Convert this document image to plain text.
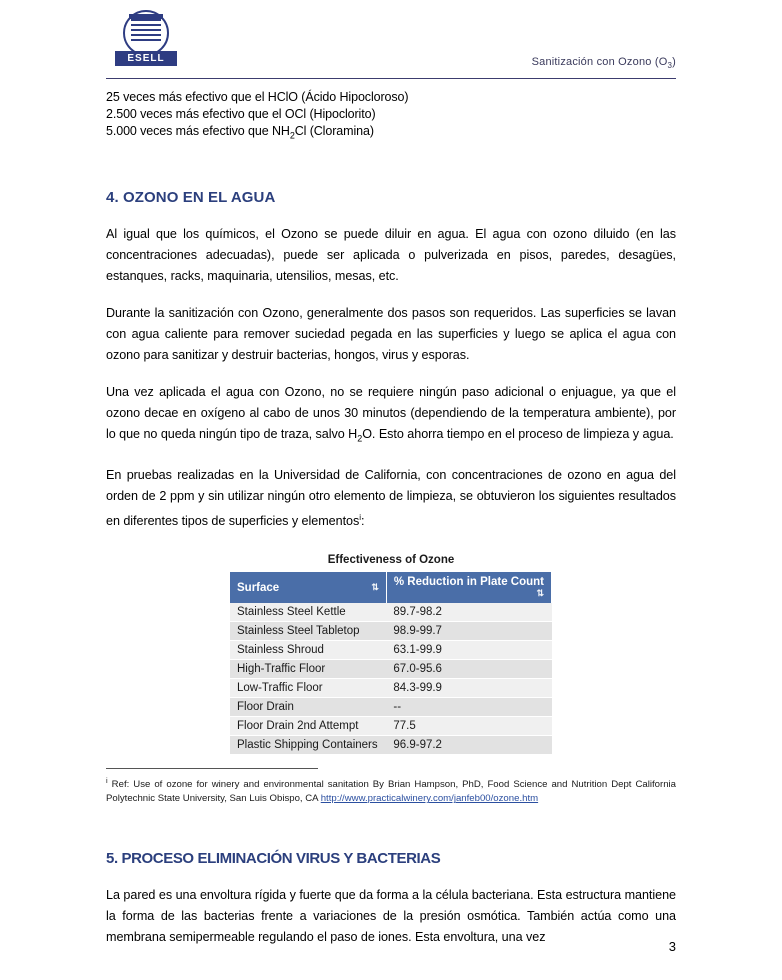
ESELL	Sanitización con Ozono $(O_3)$
25 veces más efectivo que el HClO (Ácido Hipocloroso)
2.500 veces más efectivo que el OCl (Hipoclorito)
5.000 veces más efectivo que $NH_2Cl$ (Cloramina)
4. OZONO EN EL AGUA

Al igual que los químicos, el Ozono se puede diluir en agua. El agua con ozono diluido (en las concentraciones adecuadas), puede ser aplicada o pulverizada en pisos, paredes, desagües, estanques, racks, maquinaria, utensilios, mesas, etc.

Durante la sanitización con Ozono, generalmente dos pasos son requeridos. Las superficies se lavan con agua caliente para remover suciedad pegada en las superficies y luego se aplica el agua con ozono para sanitizar y destruir bacterias, hongos, virus y esporas.

Una vez aplicada el agua con Ozono, no se requiere ningún paso adicional o enjuague, ya que el ozono decae en oxígeno al cabo de unos 30 minutos (dependiendo de la temperatura ambiente), por lo que no queda ningún tipo de traza, salvo $H_2O$. Esto ahorra tiempo en el proceso de limpieza y agua.

En pruebas realizadas en la Universidad de California, con concentraciones de ozono en agua del orden de 2 ppm y sin utilizar ningún otro elemento de limpieza, se obtuvieron los siguientes resultados en diferentes tipos de superficies y elementos$^i$:

Effectiveness of Ozone
Surface ⇅	% Reduction in Plate Count
⇅

Stainless Steel Kettle	89.7-98.2
Stainless Steel Tabletop	98.9-99.7
Stainless Shroud	63.1-99.9
High-Traffic Floor	67.0-95.6
Low-Traffic Floor	84.3-99.9
Floor Drain	--
Floor Drain 2nd Attempt	77.5
Plastic Shipping Containers	96.9-97.2
$^i$ Ref: Use of ozone for winery and environmental sanitation By Brian Hampson, PhD, Food Science and Nutrition Dept California Polytechnic State University, San Luis Obispo, CA http://www.practicalwinery.com/janfeb00/ozone.htm
5. PROCESO ELIMINACIÓN VIRUS Y BACTERIAS

La pared es una envoltura rígida y fuerte que da forma a la célula bacteriana. Esta estructura mantiene la forma de las bacterias frente a variaciones de la presión osmótica. También actúa como una membrana semipermeable regulando el paso de iones. Esta envoltura, una vez

3
